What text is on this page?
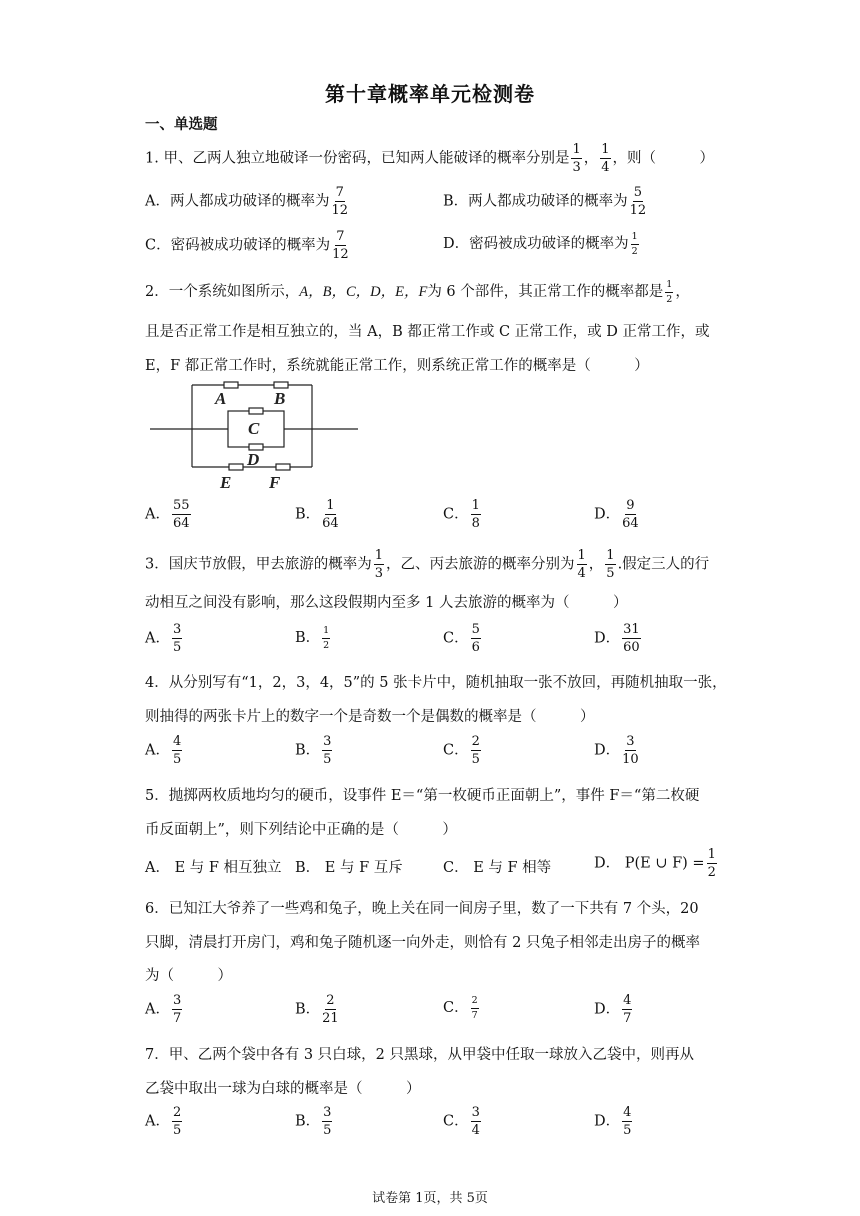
第十章概率单元检测卷
一、单选题
1. 甲、乙两人独立地破译一份密码，已知两人能破译的概率分别是 $\frac{1}{3}$ ， $\frac{1}{4}$ ，则（　　　）
A．两人都成功破译的概率为 $\frac{7}{12}$	B．两人都成功破译的概率为 $\frac{5}{12}$
C．密码被成功破译的概率为 $\frac{7}{12}$	D．密码被成功破译的概率为 $\frac{1}{2}$
2．一个系统如图所示，A，B，C，D，E，F为 6 个部件，其正常工作的概率都是 $\frac{1}{2}$ ，
且是否正常工作是相互独立的，当 A，B 都正常工作或 C 正常工作，或 D 正常工作，或
E，F 都正常工作时，系统就能正常工作，则系统正常工作的概率是（　　　）
A	B
C
D
E F
A． $\frac{55}{64}$	B． $\frac{1}{64}$	C． $\frac{1}{8}$	D． $\frac{9}{64}$
3．国庆节放假，甲去旅游的概率为 $\frac{1}{3}$ ，乙、丙去旅游的概率分别为 $\frac{1}{4}$ ， $\frac{1}{5}$ .假定三人的行
动相互之间没有影响，那么这段假期内至多 1 人去旅游的概率为（　　　）
A． $\frac{3}{5}$	B． $\frac{1}{2}$	C． $\frac{5}{6}$	D． $\frac{31}{60}$
4．从分别写有“1，2，3，4，5”的 5 张卡片中，随机抽取一张不放回，再随机抽取一张，
则抽得的两张卡片上的数字一个是奇数一个是偶数的概率是（　　　）
A． $\frac{4}{5}$	B． $\frac{3}{5}$	C． $\frac{2}{5}$	D． $\frac{3}{10}$
5．抛掷两枚质地均匀的硬币，设事件 E＝“第一枚硬币正面朝上”，事件 F＝“第二枚硬
币反面朝上”，则下列结论中正确的是（　　　）
A． E 与 F 相互独立 B． E 与 F 互斥	C． E 与 F 相等	D． P(E ∪ $F) = \frac{1}{2}$
6．已知江大爷养了一些鸡和兔子，晚上关在同一间房子里，数了一下共有 7 个头，20
只脚，清晨打开房门，鸡和兔子随机逐一向外走，则恰有 2 只兔子相邻走出房子的概率
为（　　　）
A． $\frac{3}{7}$	B． $\frac{2}{21}$	C． $\frac{2}{7}$	D． $\frac{4}{7}$
7．甲、乙两个袋中各有 3 只白球，2 只黑球，从甲袋中任取一球放入乙袋中，则再从
乙袋中取出一球为白球的概率是（　　　）
A． $\frac{2}{5}$	B． $\frac{3}{5}$	C． $\frac{3}{4}$	D． $\frac{4}{5}$
试卷第 1页，共 5页
